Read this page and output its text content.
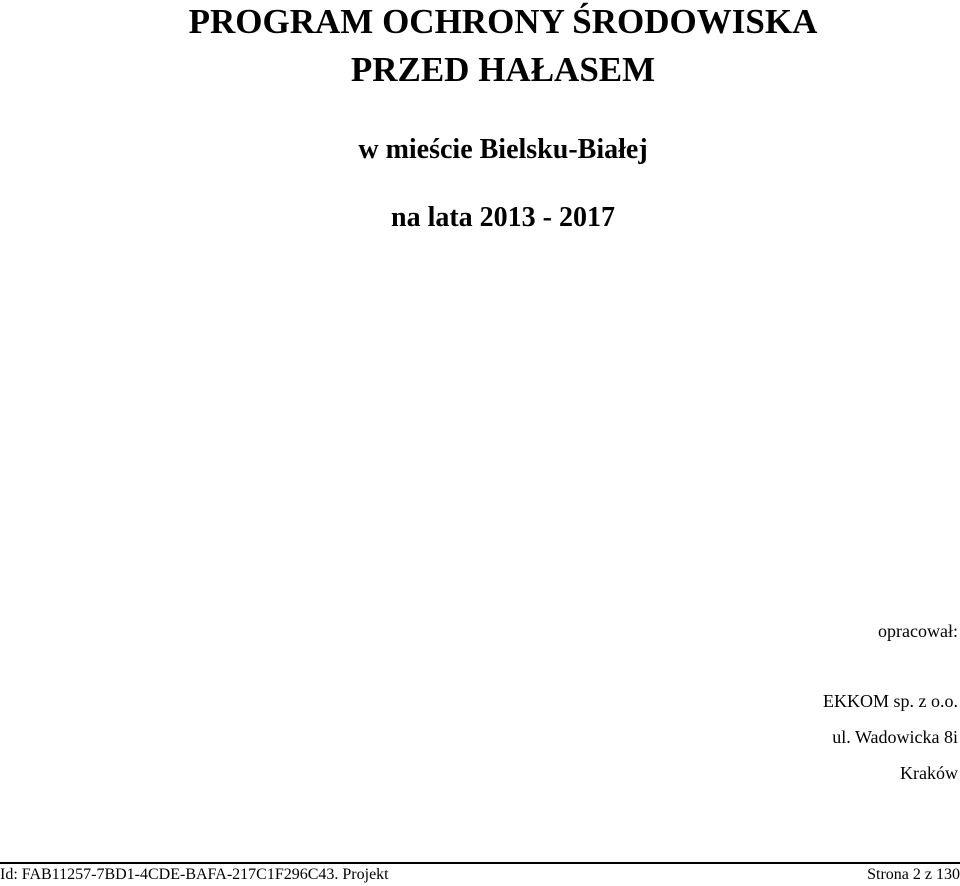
PROGRAM OCHRONY ŚRODOWISKA
PRZED HAŁASEM
w mieście Bielsku-Białej
na lata 2013 - 2017
opracował:
EKKOM sp. z o.o.
ul. Wadowicka 8i
Kraków
Id: FAB11257-7BD1-4CDE-BAFA-217C1F296C43. Projekt	Strona 2 z 130
